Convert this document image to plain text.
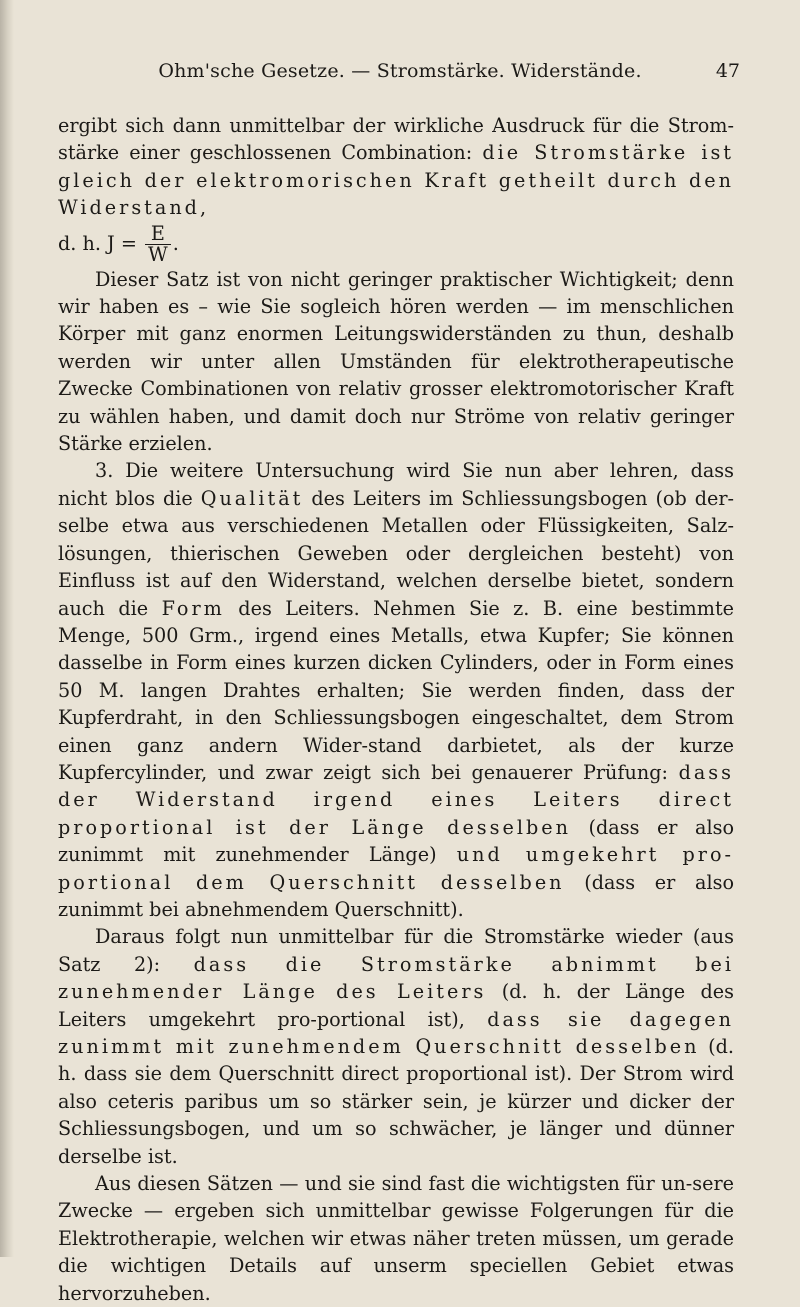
Ohm'sche Gesetze. — Stromstärke. Widerstände.	47

ergibt sich dann unmittelbar der wirkliche Ausdruck für die Strom-stärke einer geschlossenen Combination: die Stromstärke ist gleich der elektromorischen Kraft getheilt durch den Widerstand,

d. h. $J = \frac{E}{W}$ .

Dieser Satz ist von nicht geringer praktischer Wichtigkeit; denn wir haben es – wie Sie sogleich hören werden — im menschlichen Körper mit ganz enormen Leitungswiderständen zu thun, deshalb werden wir unter allen Umständen für elektrotherapeutische Zwecke Combinationen von relativ grosser elektromotorischer Kraft zu wählen haben, und damit doch nur Ströme von relativ geringer Stärke erzielen.

3. Die weitere Untersuchung wird Sie nun aber lehren, dass nicht blos die Qualität des Leiters im Schliessungsbogen (ob der-selbe etwa aus verschiedenen Metallen oder Flüssigkeiten, Salz-lösungen, thierischen Geweben oder dergleichen besteht) von Einfluss ist auf den Widerstand, welchen derselbe bietet, sondern auch die Form des Leiters. Nehmen Sie z. B. eine bestimmte Menge, 500 Grm., irgend eines Metalls, etwa Kupfer; Sie können dasselbe in Form eines kurzen dicken Cylinders, oder in Form eines 50 M. langen Drahtes erhalten; Sie werden finden, dass der Kupferdraht, in den Schliessungsbogen eingeschaltet, dem Strom einen ganz andern Wider-stand darbietet, als der kurze Kupfercylinder, und zwar zeigt sich bei genauerer Prüfung: dass der Widerstand irgend eines Leiters direct proportional ist der Länge desselben (dass er also zunimmt mit zunehmender Länge) und umgekehrt pro-portional dem Querschnitt desselben (dass er also zunimmt bei abnehmendem Querschnitt).

Daraus folgt nun unmittelbar für die Stromstärke wieder (aus Satz 2): dass die Stromstärke abnimmt bei zunehmender Länge des Leiters (d. h. der Länge des Leiters umgekehrt pro-portional ist), dass sie dagegen zunimmt mit zunehmendem Querschnitt desselben (d. h. dass sie dem Querschnitt direct proportional ist). Der Strom wird also ceteris paribus um so stärker sein, je kürzer und dicker der Schliessungsbogen, und um so schwächer, je länger und dünner derselbe ist.

Aus diesen Sätzen — und sie sind fast die wichtigsten für un-sere Zwecke — ergeben sich unmittelbar gewisse Folgerungen für die Elektrotherapie, welchen wir etwas näher treten müssen, um gerade die wichtigen Details auf unserm speciellen Gebiet etwas hervorzuheben.
